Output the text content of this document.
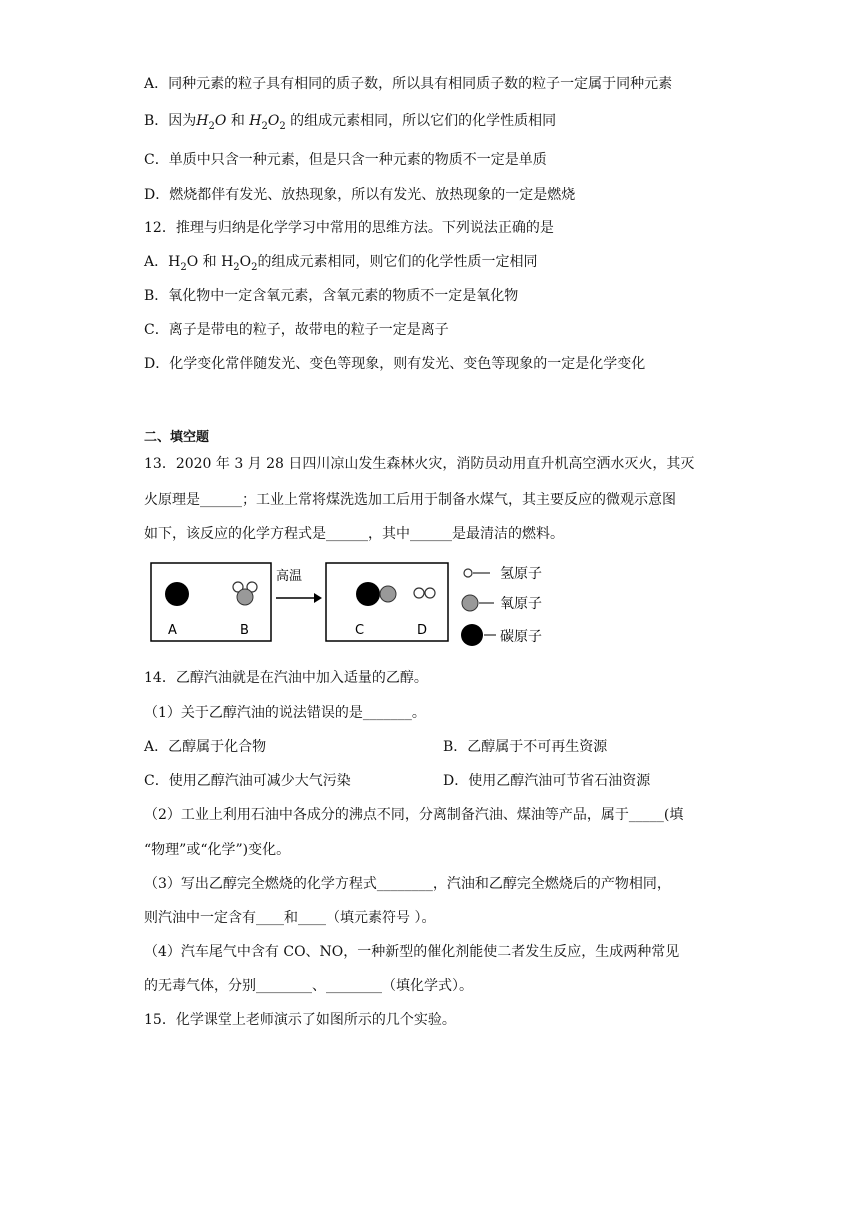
A．同种元素的粒子具有相同的质子数，所以具有相同质子数的粒子一定属于同种元素
B．因为$H_2O$ 和 $H_2O_2$ 的组成元素相同，所以它们的化学性质相同
C．单质中只含一种元素，但是只含一种元素的物质不一定是单质
D．燃烧都伴有发光、放热现象，所以有发光、放热现象的一定是燃烧
12．推理与归纳是化学学习中常用的思维方法。下列说法正确的是
A．$H_2O$ 和 $H_2O_2$的组成元素相同，则它们的化学性质一定相同
B．氧化物中一定含氧元素，含氧元素的物质不一定是氧化物
C．离子是带电的粒子，故带电的粒子一定是离子
D．化学变化常伴随发光、变色等现象，则有发光、变色等现象的一定是化学变化
二、填空题
13．2020 年 3 月 28 日四川凉山发生森林火灾，消防员动用直升机高空洒水灭火，其灭
火原理是______；工业上常将煤洗选加工后用于制备水煤气，其主要反应的微观示意图
如下，该反应的化学方程式是______，其中______是最清洁的燃料。
A	B
高温
C	D
氢原子
氧原子
碳原子
14．乙醇汽油就是在汽油中加入适量的乙醇。
（1）关于乙醇汽油的说法错误的是_______。
A．乙醇属于化合物	B．乙醇属于不可再生资源
C．使用乙醇汽油可减少大气污染	D．使用乙醇汽油可节省石油资源
（2）工业上利用石油中各成分的沸点不同，分离制备汽油、煤油等产品，属于_____(填
“物理”或“化学”)变化。
（3）写出乙醇完全燃烧的化学方程式________，汽油和乙醇完全燃烧后的产物相同，
则汽油中一定含有____和____（填元素符号 ）。
（4）汽车尾气中含有 CO、NO，一种新型的催化剂能使二者发生反应，生成两种常见
的无毒气体，分别________、________（填化学式）。
15．化学课堂上老师演示了如图所示的几个实验。
